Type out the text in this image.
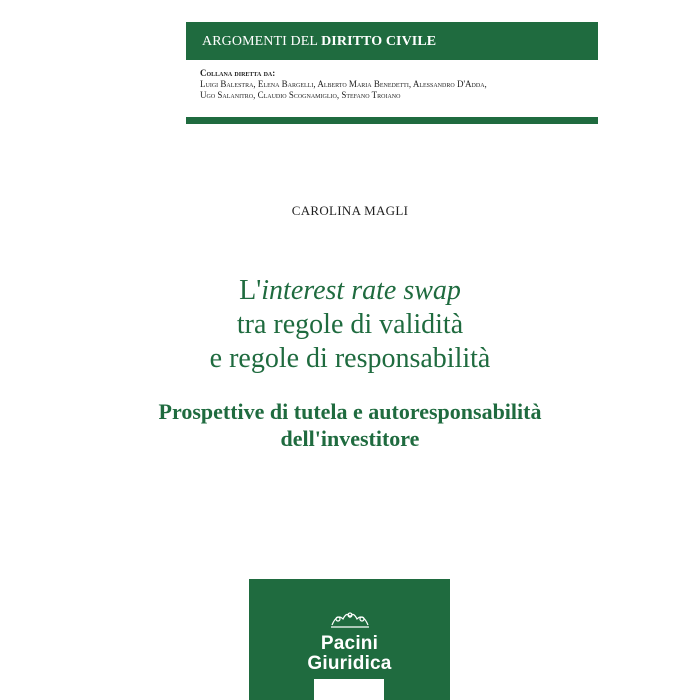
ARGOMENTI DEL DIRITTO CIVILE
Collana diretta da:
Luigi Balestra, Elena Bargelli, Alberto Maria Benedetti, Alessandro D'Adda,
Ugo Salanitro, Claudio Scognamiglio, Stefano Troiano
CAROLINA MAGLI
L'interest rate swap
tra regole di validità
e regole di responsabilità
Prospettive di tutela e autoresponsabilità
dell'investitore
Pacini
Giuridica
